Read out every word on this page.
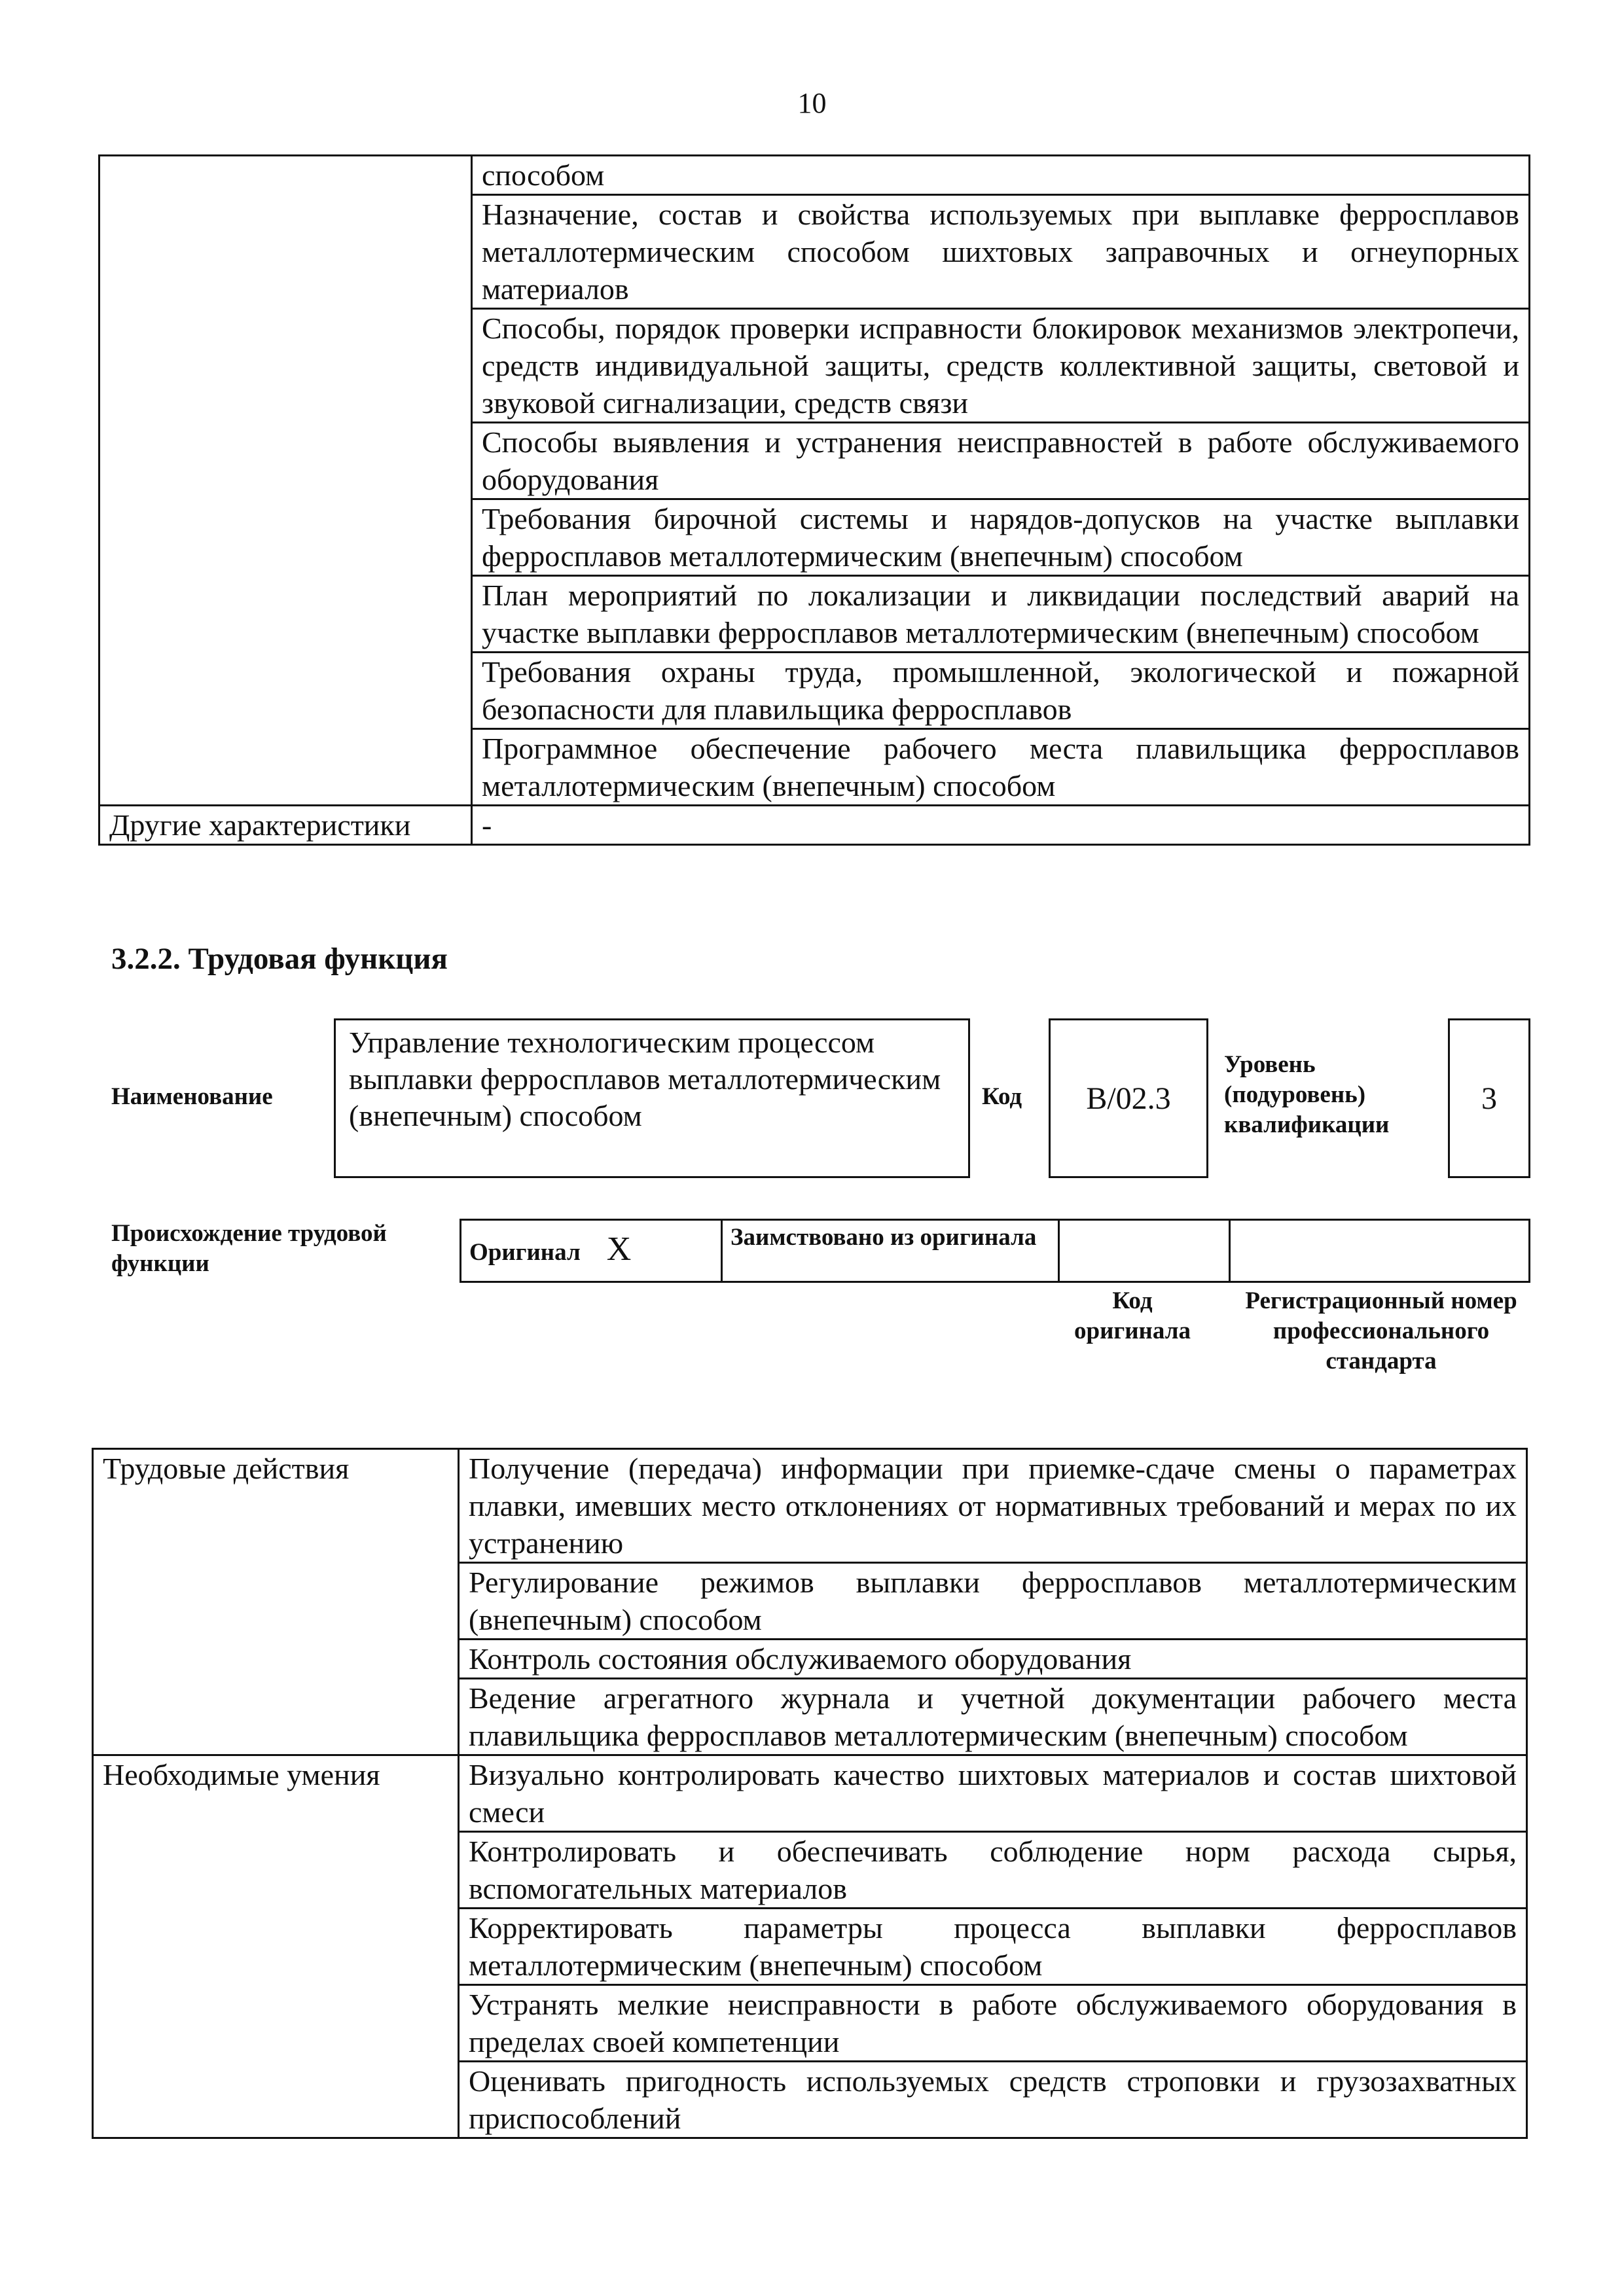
10
	способом
	Назначение, состав и свойства используемых при выплавке ферросплавов металлотермическим способом шихтовых заправочных и огнеупорных материалов
	Способы, порядок проверки исправности блокировок механизмов электропечи, средств индивидуальной защиты, средств коллективной защиты, световой и звуковой сигнализации, средств связи
	Способы выявления и устранения неисправностей в работе обслуживаемого оборудования
	Требования бирочной системы и нарядов-допусков на участке выплавки ферросплавов металлотермическим (внепечным) способом
	План мероприятий по локализации и ликвидации последствий аварий на участке выплавки ферросплавов металлотермическим (внепечным) способом
	Требования охраны труда, промышленной, экологической и пожарной безопасности для плавильщика ферросплавов
	Программное обеспечение рабочего места плавильщика ферросплавов металлотермическим (внепечным) способом
Другие характеристики	-
3.2.2. Трудовая функция
Наименование
Управление технологическим процессом выплавки ферросплавов металлотермическим (внепечным) способом
Код B/02.3
Уровень (подуровень) квалификации
3
Происхождение трудовой функции	Оригинал X	Заимствовано из оригинала		
Код оригинала
Регистрационный номер профессионального стандарта
Трудовые действия	Получение (передача) информации при приемке-сдаче смены о параметрах плавки, имевших место отклонениях от нормативных требований и мерах по их устранению
	Регулирование режимов выплавки ферросплавов металлотермическим (внепечным) способом
	Контроль состояния обслуживаемого оборудования
	Ведение агрегатного журнала и учетной документации рабочего места плавильщика ферросплавов металлотермическим (внепечным) способом
Необходимые умения	Визуально контролировать качество шихтовых материалов и состав шихтовой смеси
	Контролировать и обеспечивать соблюдение норм расхода сырья, вспомогательных материалов
	Корректировать параметры процесса выплавки ферросплавов металлотермическим (внепечным) способом
	Устранять мелкие неисправности в работе обслуживаемого оборудования в пределах своей компетенции
	Оценивать пригодность используемых средств строповки и грузозахватных приспособлений
